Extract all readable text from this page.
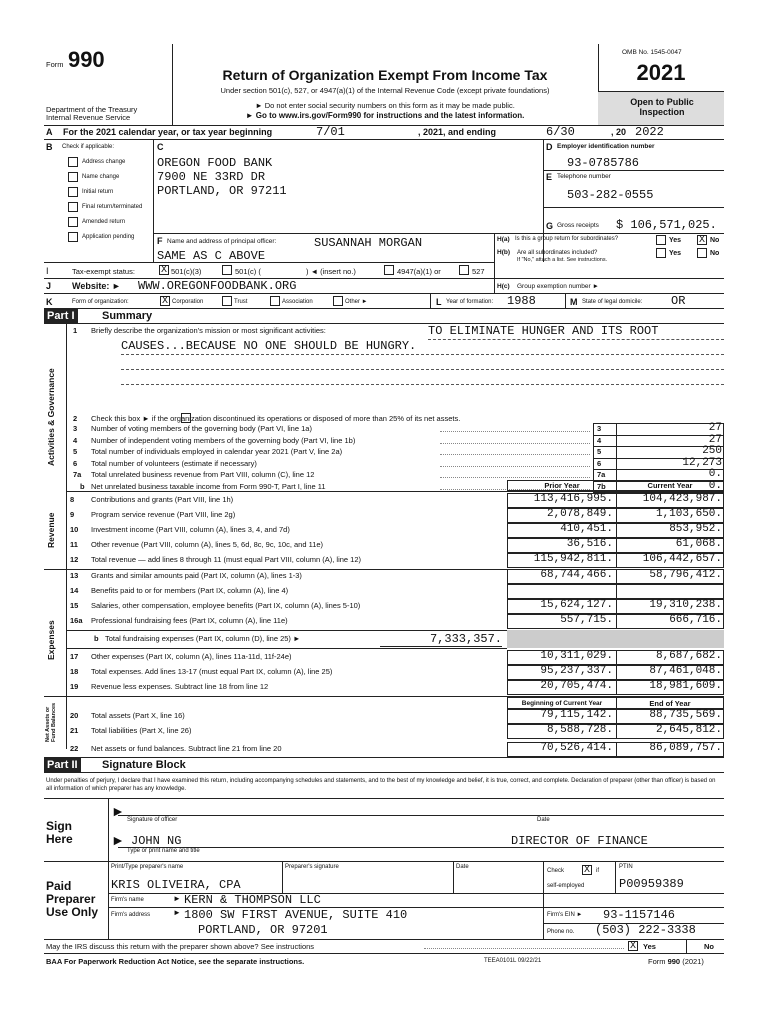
Form 990
Return of Organization Exempt From Income Tax
Under section 501(c), 527, or 4947(a)(1) of the Internal Revenue Code (except private foundations)
► Do not enter social security numbers on this form as it may be made public.
► Go to www.irs.gov/Form990 for instructions and the latest information.
Department of the Treasury
Internal Revenue Service
OMB No. 1545-0047
2021
Open to Public Inspection
A For the 2021 calendar year, or tax year beginning	7/01	, 2021, and ending	6/30	, 20 2022
B Check if applicable:
Address change
Name change
Initial return
Final return/terminated
Amended return
Application pending
C
OREGON FOOD BANK
7900 NE 33RD DR
PORTLAND, OR 97211
D Employer identification number
93-0785786
E Telephone number
503-282-0555
G Gross receipts $ 106,571,025.
F Name and address of principal officer:	SUSANNAH MORGAN
SAME AS C ABOVE
H(a) Is this a group return for subordinates?	Yes X No
H(b) Are all subordinates included?
If "No," attach a list. See instructions.
Yes	No
I	Tax-exempt status:	X 501(c)(3)	501(c) (	) ◄ (insert no.)	4947(a)(1) or	527
J Website: ► WWW.OREGONFOODBANK.ORG	H(c) Group exemption number ►
K	Form of organization:	X Corporation	Trust	Association	Other ►	L Year of formation: 1988	M State of legal domicile: OR
Part I Summary
Activities & Governance
Revenue
Expenses
Net Assets or Fund Balances
1 Briefly describe the organization's mission or most significant activities:	TO ELIMINATE HUNGER AND ITS ROOT
CAUSES...BECAUSE NO ONE SHOULD BE HUNGRY.
2 Check this box ► if the organization discontinued its operations or disposed of more than 25% of its net assets.
3 Number of voting members of the governing body (Part VI, line 1a)	3	27
4 Number of independent voting members of the governing body (Part VI, line 1b)	4	27
5 Total number of individuals employed in calendar year 2021 (Part V, line 2a)	5	250
6 Total number of volunteers (estimate if necessary)	6	12,273
7a Total unrelated business revenue from Part VIII, column (C), line 12	7a	0.
b Net unrelated business taxable income from Form 990-T, Part I, line 11	7b	0.
Prior Year	Current Year
8 Contributions and grants (Part VIII, line 1h)	113,416,995.	104,423,987.
9 Program service revenue (Part VIII, line 2g)	2,078,849.	1,103,650.
10 Investment income (Part VIII, column (A), lines 3, 4, and 7d)	410,451.	853,952.
11 Other revenue (Part VIII, column (A), lines 5, 6d, 8c, 9c, 10c, and 11e)	36,516.	61,068.
12 Total revenue — add lines 8 through 11 (must equal Part VIII, column (A), line 12)	115,942,811.	106,442,657.
13 Grants and similar amounts paid (Part IX, column (A), lines 1-3)	68,744,466.	58,796,412.
14 Benefits paid to or for members (Part IX, column (A), line 4)
15 Salaries, other compensation, employee benefits (Part IX, column (A), lines 5-10)	15,624,127.	19,310,238.
16a Professional fundraising fees (Part IX, column (A), line 11e)	557,715.	666,716.
17 Other expenses (Part IX, column (A), lines 11a-11d, 11f-24e)	10,311,029.	8,687,682.
18 Total expenses. Add lines 13-17 (must equal Part IX, column (A), line 25)	95,237,337.	87,461,048.
19 Revenue less expenses. Subtract line 18 from line 12	20,705,474.	18,981,609.
b Total fundraising expenses (Part IX, column (D), line 25) ►	7,333,357.
Beginning of Current Year	End of Year
20 Total assets (Part X, line 16)	79,115,142.	88,735,569.
21 Total liabilities (Part X, line 26)	8,588,728.	2,645,812.
22 Net assets or fund balances. Subtract line 21 from line 20	70,526,414.	86,089,757.
Part II Signature Block
Under penalties of perjury, I declare that I have examined this return, including accompanying schedules and statements, and to the best of my knowledge and belief, it is true, correct, and complete. Declaration of preparer (other than officer) is based on all information of which preparer has any knowledge.
Sign
Here
►
Signature of officer	Date
► JOHN NG	DIRECTOR OF FINANCE
Type or print name and title
Paid
Preparer
Use Only
Print/Type preparer's name	Preparer's signature	Date
Check X	if
self-employed
PTIN
P00959389
KRIS OLIVEIRA, CPA
Firm's name	► KERN & THOMPSON LLC
Firm's address	► 1800 SW FIRST AVENUE, SUITE 410
PORTLAND, OR 97201
Firm's EIN ► 93-1157146
Phone no. (503) 222-3338
May the IRS discuss this return with the preparer shown above? See instructions	X Yes	No
BAA For Paperwork Reduction Act Notice, see the separate instructions.	TEEA0101L 09/22/21	Form 990 (2021)
